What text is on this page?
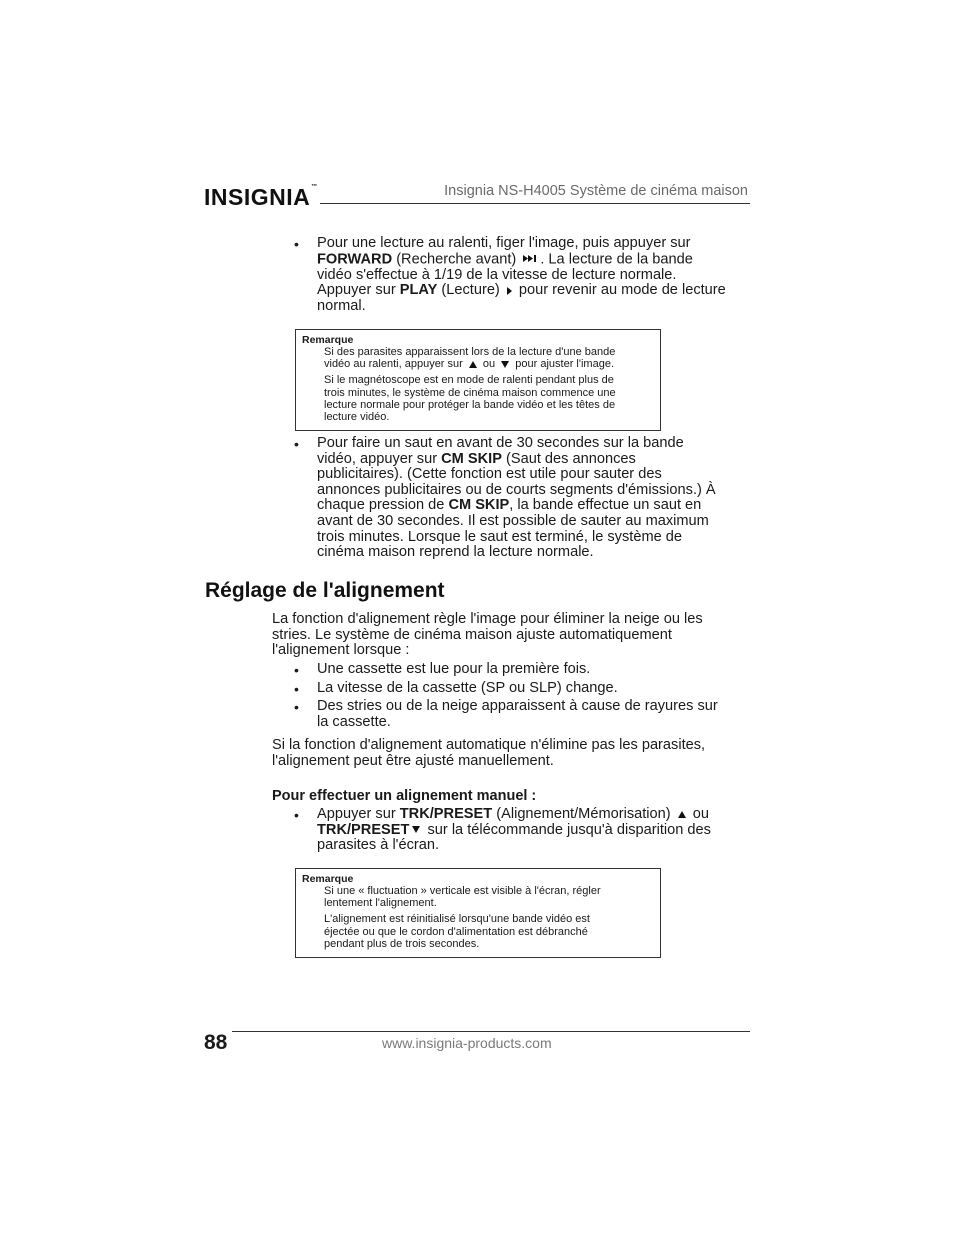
INSIGNIA™	Insignia NS-H4005 Système de cinéma maison
• Pour une lecture au ralenti, figer l'image, puis appuyer sur
FORWARD (Recherche avant) . La lecture de la bande
vidéo s'effectue à 1/19 de la vitesse de lecture normale.
Appuyer sur PLAY (Lecture)  pour revenir au mode de lecture
normal.
Remarque
Si des parasites apparaissent lors de la lecture d'une bande
vidéo au ralenti, appuyer sur  ou  pour ajuster l'image.
Si le magnétoscope est en mode de ralenti pendant plus de
trois minutes, le système de cinéma maison commence une
lecture normale pour protéger la bande vidéo et les têtes de
lecture vidéo.
• Pour faire un saut en avant de 30 secondes sur la bande
vidéo, appuyer sur CM SKIP (Saut des annonces
publicitaires). (Cette fonction est utile pour sauter des
annonces publicitaires ou de courts segments d'émissions.) À
chaque pression de CM SKIP, la bande effectue un saut en
avant de 30 secondes. Il est possible de sauter au maximum
trois minutes. Lorsque le saut est terminé, le système de
cinéma maison reprend la lecture normale.
Réglage de l'alignement
La fonction d'alignement règle l'image pour éliminer la neige ou les
stries. Le système de cinéma maison ajuste automatiquement
l'alignement lorsque :
• Une cassette est lue pour la première fois.
• La vitesse de la cassette (SP ou SLP) change.
• Des stries ou de la neige apparaissent à cause de rayures sur
la cassette.
Si la fonction d'alignement automatique n'élimine pas les parasites,
l'alignement peut être ajusté manuellement.
Pour effectuer un alignement manuel :
• Appuyer sur TRK/PRESET (Alignement/Mémorisation)  ou
TRK/PRESET sur la télécommande jusqu'à disparition des
parasites à l'écran.
Remarque
Si une « fluctuation » verticale est visible à l'écran, régler
lentement l'alignement.
L'alignement est réinitialisé lorsqu'une bande vidéo est
éjectée ou que le cordon d'alimentation est débranché
pendant plus de trois secondes.
88	www.insignia-products.com
